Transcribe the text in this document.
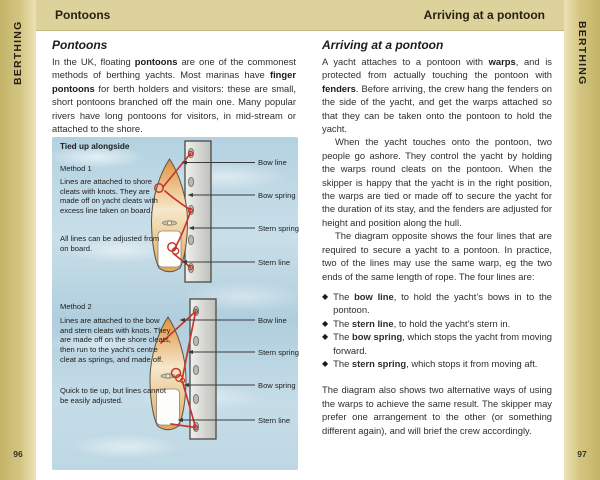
BERTHING
96
BERTHING
97
Pontoons	Arriving at a pontoon
Pontoons

In the UK, floating pontoons are one of the commonest methods of berthing yachts. Most marinas have finger pontoons for berth holders and visitors: these are small, short pontoons branched off the main one. Many popular rivers have long pontoons for visitors, in mid-stream or attached to the shore.

Tied up alongside
Method 1

Lines are attached to shore cleats with knots. They are made off on yacht cleats with excess line taken on board.

All lines can be adjusted from on board.

Bow line
Bow spring
Stern spring
Stern line
Method 2

Lines are attached to the bow and stern cleats with knots. They are made off on the shore cleats, then run to the yacht’s centre cleat as springs, and made off.

Quick to tie up, but lines cannot be easily adjusted.

Bow line
Stern spring
Bow spring
Stern line
Arriving at a pontoon

A yacht attaches to a pontoon with warps, and is protected from actually touching the pontoon with fenders. Before arriving, the crew hang the fenders on the side of the yacht, and get the warps attached so that they can be taken onto the pontoon to hold the yacht.

When the yacht touches onto the pontoon, two people go ashore. They control the yacht by holding the warps round cleats on the pontoon. When the skipper is happy that the yacht is in the right position, the warps are tied or made off to secure the yacht for the duration of its stay, and the fenders are adjusted for height and position along the hull.

The diagram opposite shows the four lines that are required to secure a yacht to a pontoon. In practice, two of the lines may use the same warp, eg the two ends of the same length of rope. The four lines are:

◆ The bow line, to hold the yacht’s bows in to the pontoon.
◆ The stern line, to hold the yacht’s stern in.
◆ The bow spring, which stops the yacht from moving forward.
◆ The stern spring, which stops it from moving aft.

The diagram also shows two alternative ways of using the warps to achieve the same result. The skipper may prefer one arrangement to the other (or something different again), and will brief the crew accordingly.
